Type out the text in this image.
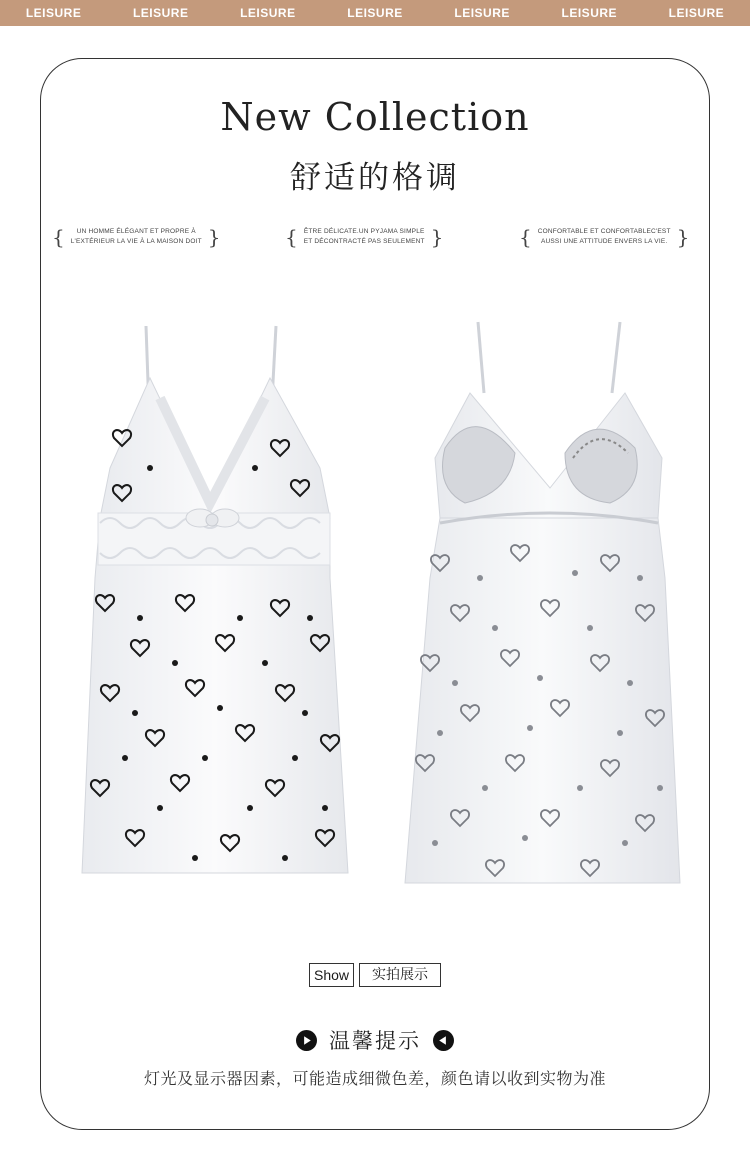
LEISURE	LEISURE	LEISURE	LEISURE	LEISURE	LEISURE	LEISURE
New Collection
舒适的格调
{	UN HOMME ÉLÉGANT ET PROPRE À
L'EXTÉRIEUR LA VIE À LA MAISON DOIT }	{ ÊTRE DÉLICATE.UN PYJAMA SIMPLE
ET DÉCONTRACTÉ PAS SEULEMENT }	{ CONFORTABLE ET CONFORTABLEC'EST
AUSSI UNE ATTITUDE ENVERS LA VIE. }
Show	实拍展示
温馨提示
灯光及显示器因素，可能造成细微色差，颜色请以收到实物为准
